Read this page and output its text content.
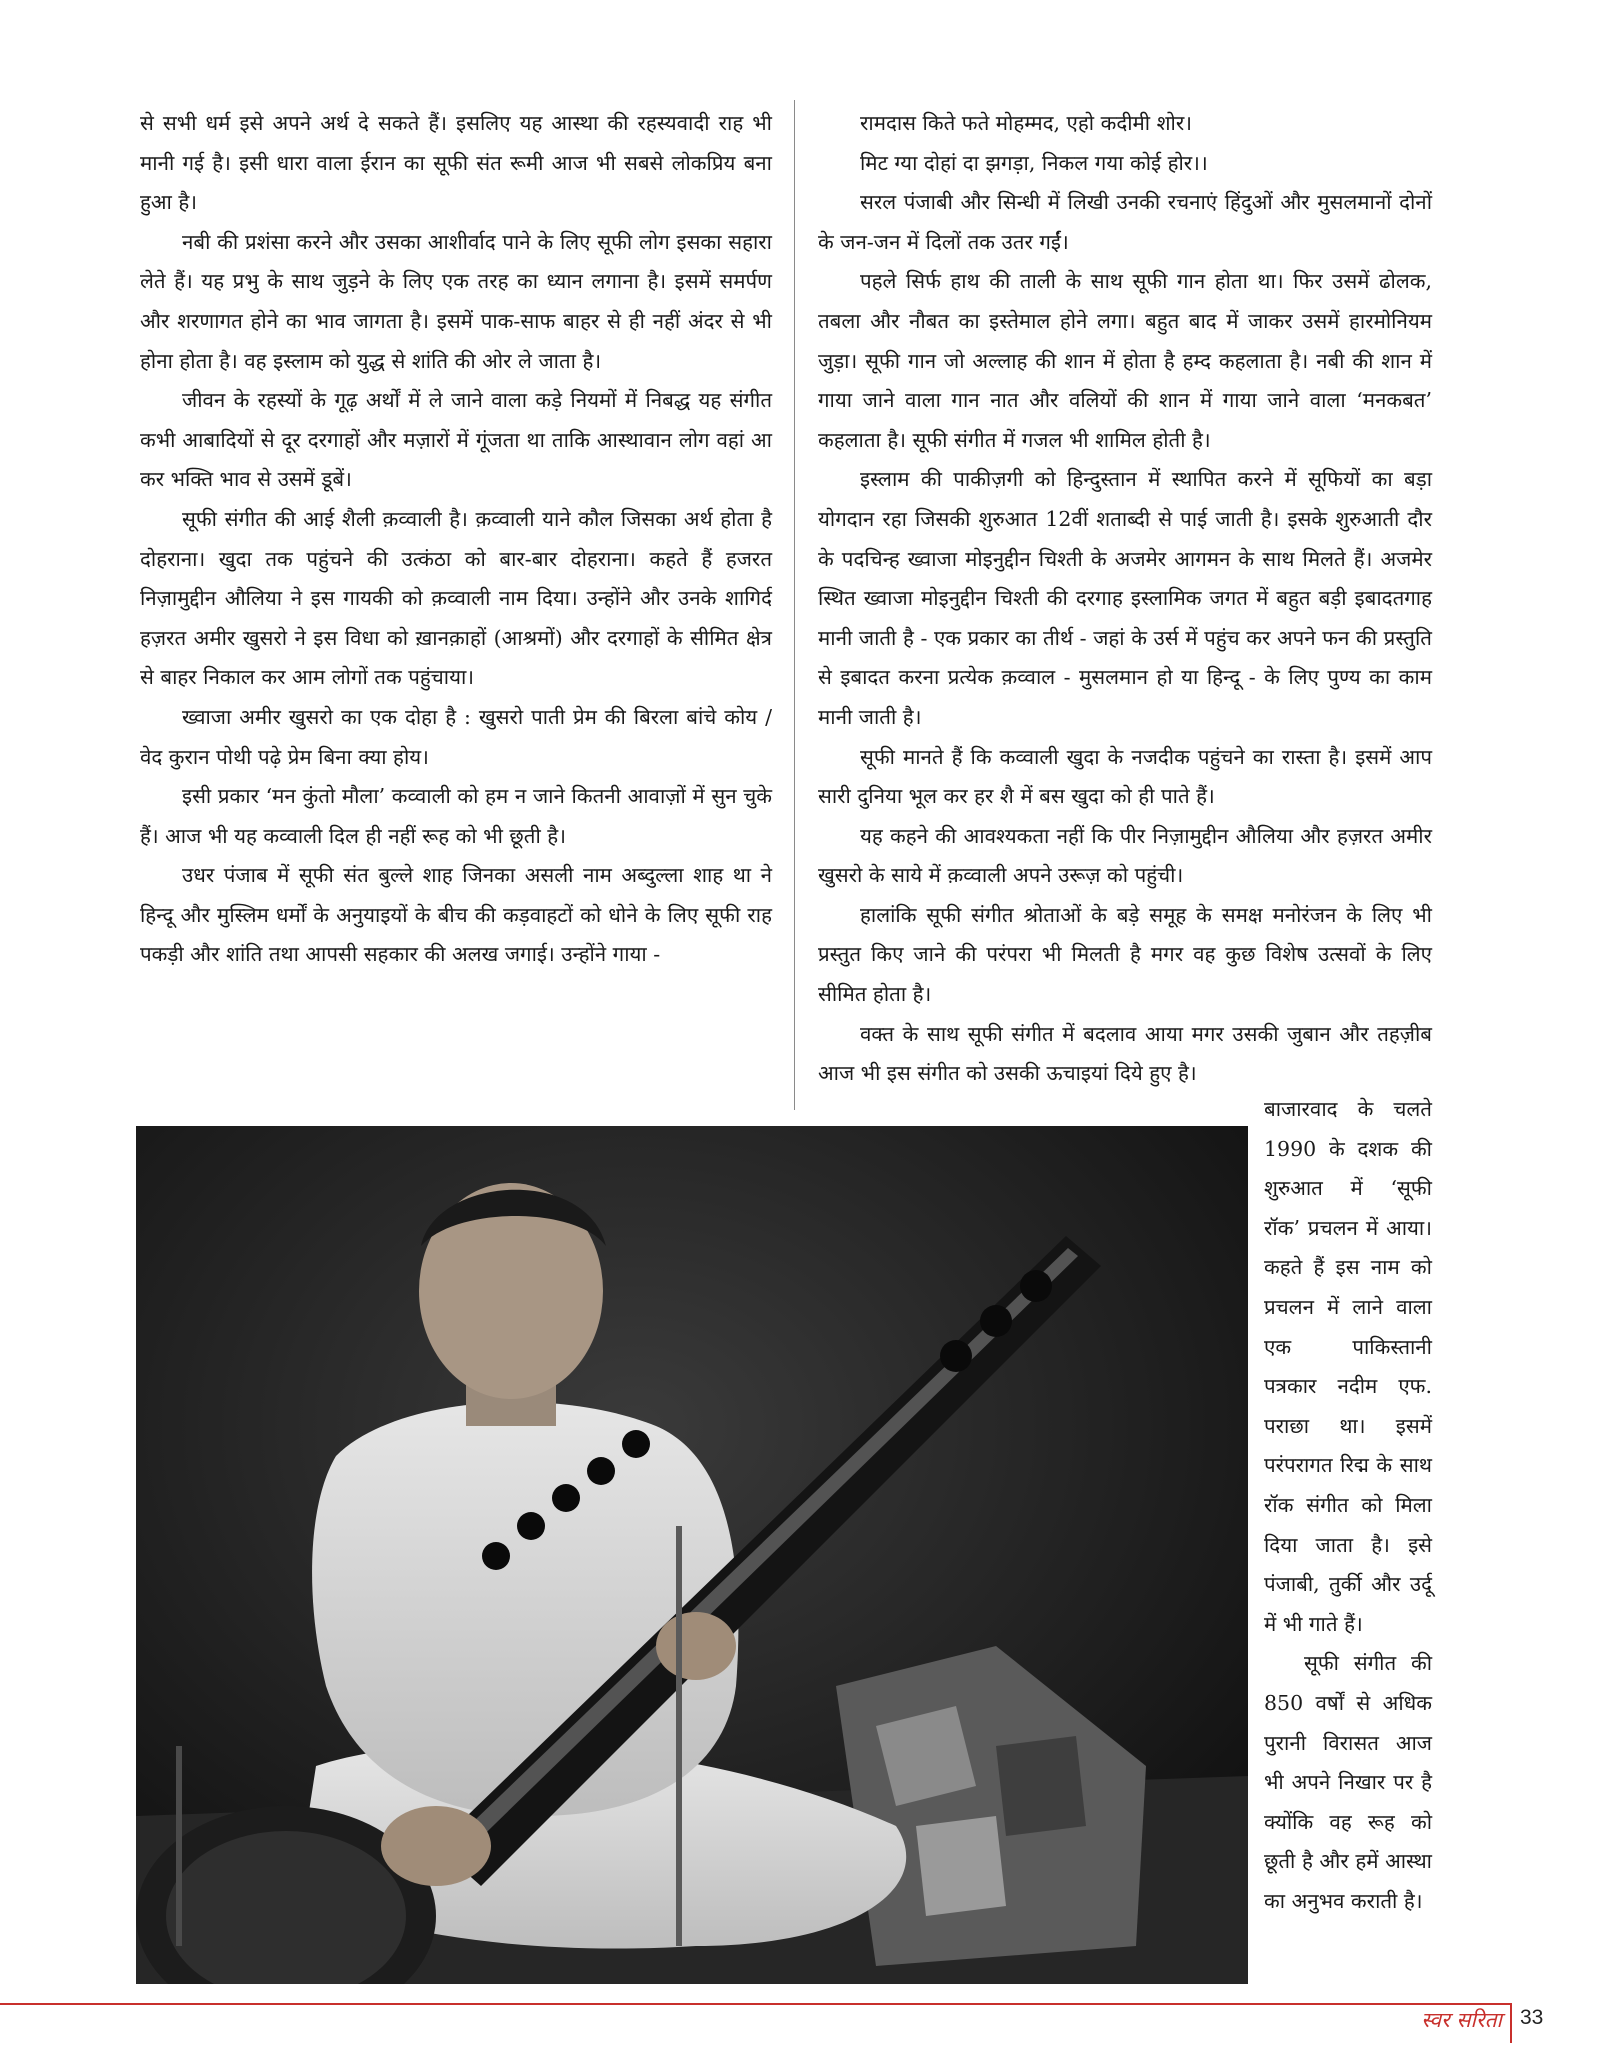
से सभी धर्म इसे अपने अर्थ दे सकते हैं। इसलिए यह आस्था की रहस्यवादी राह भी मानी गई है। इसी धारा वाला ईरान का सूफी संत रूमी आज भी सबसे लोकप्रिय बना हुआ है।

नबी की प्रशंसा करने और उसका आशीर्वाद पाने के लिए सूफी लोग इसका सहारा लेते हैं। यह प्रभु के साथ जुड़ने के लिए एक तरह का ध्यान लगाना है। इसमें समर्पण और शरणागत होने का भाव जागता है। इसमें पाक-साफ बाहर से ही नहीं अंदर से भी होना होता है। वह इस्लाम को युद्ध से शांति की ओर ले जाता है।

जीवन के रहस्यों के गूढ़ अर्थों में ले जाने वाला कड़े नियमों में निबद्ध यह संगीत कभी आबादियों से दूर दरगाहों और मज़ारों में गूंजता था ताकि आस्थावान लोग वहां आ कर भक्ति भाव से उसमें डूबें।

सूफी संगीत की आई शैली क़व्वाली है। क़व्वाली याने कौल जिसका अर्थ होता है दोहराना। खुदा तक पहुंचने की उत्कंठा को बार-बार दोहराना। कहते हैं हजरत निज़ामुद्दीन औलिया ने इस गायकी को क़व्वाली नाम दिया। उन्होंने और उनके शागिर्द हज़रत अमीर खुसरो ने इस विधा को ख़ानक़ाहों (आश्रमों) और दरगाहों के सीमित क्षेत्र से बाहर निकाल कर आम लोगों तक पहुंचाया।

ख्वाजा अमीर खुसरो का एक दोहा है : खुसरो पाती प्रेम की बिरला बांचे कोय / वेद कुरान पोथी पढ़े प्रेम बिना क्या होय।

इसी प्रकार ‘मन कुंतो मौला’ कव्वाली को हम न जाने कितनी आवाज़ों में सुन चुके हैं। आज भी यह कव्वाली दिल ही नहीं रूह को भी छूती है।

उधर पंजाब में सूफी संत बुल्ले शाह जिनका असली नाम अब्दुल्ला शाह था ने हिन्दू और मुस्लिम धर्मों के अनुयाइयों के बीच की कड़वाहटों को धोने के लिए सूफी राह पकड़ी और शांति तथा आपसी सहकार की अलख जगाई। उन्होंने गाया -

रामदास किते फते मोहम्मद, एहो कदीमी शोर।

मिट ग्या दोहां दा झगड़ा, निकल गया कोई होर।।

सरल पंजाबी और सिन्धी में लिखी उनकी रचनाएं हिंदुओं और मुसलमानों दोनों के जन-जन में दिलों तक उतर गईं।

पहले सिर्फ हाथ की ताली के साथ सूफी गान होता था। फिर उसमें ढोलक, तबला और नौबत का इस्तेमाल होने लगा। बहुत बाद में जाकर उसमें हारमोनियम जुड़ा। सूफी गान जो अल्लाह की शान में होता है हम्द कहलाता है। नबी की शान में गाया जाने वाला गान नात और वलियों की शान में गाया जाने वाला ‘मनकबत’ कहलाता है। सूफी संगीत में गजल भी शामिल होती है।

इस्लाम की पाकीज़गी को हिन्दुस्तान में स्थापित करने में सूफियों का बड़ा योगदान रहा जिसकी शुरुआत 12वीं शताब्दी से पाई जाती है। इसके शुरुआती दौर के पदचिन्ह ख्वाजा मोइनुद्दीन चिश्ती के अजमेर आगमन के साथ मिलते हैं। अजमेर स्थित ख्वाजा मोइनुद्दीन चिश्ती की दरगाह इस्लामिक जगत में बहुत बड़ी इबादतगाह मानी जाती है - एक प्रकार का तीर्थ - जहां के उर्स में पहुंच कर अपने फन की प्रस्तुति से इबादत करना प्रत्येक क़व्वाल - मुसलमान हो या हिन्दू - के लिए पुण्य का काम मानी जाती है।

सूफी मानते हैं कि कव्वाली खुदा के नजदीक पहुंचने का रास्ता है। इसमें आप सारी दुनिया भूल कर हर शै में बस खुदा को ही पाते हैं।

यह कहने की आवश्यकता नहीं कि पीर निज़ामुद्दीन औलिया और हज़रत अमीर खुसरो के साये में क़व्वाली अपने उरूज़ को पहुंची।

हालांकि सूफी संगीत श्रोताओं के बड़े समूह के समक्ष मनोरंजन के लिए भी प्रस्तुत किए जाने की परंपरा भी मिलती है मगर वह कुछ विशेष उत्सवों के लिए सीमित होता है।

वक्त के साथ सूफी संगीत में बदलाव आया मगर उसकी जुबान और तहज़ीब आज भी इस संगीत को उसकी ऊचाइयां दिये हुए है।

बाजारवाद के चलते 1990 के दशक की शुरुआत में ‘सूफी रॉक’ प्रचलन में आया। कहते हैं इस नाम को प्रचलन में लाने वाला एक पाकिस्तानी पत्रकार नदीम एफ. पराछा था। इसमें परंपरागत रिद्म के साथ रॉक संगीत को मिला दिया जाता है। इसे पंजाबी, तुर्की और उर्दू में भी गाते हैं।

सूफी संगीत की 850 वर्षों से अधिक पुरानी विरासत आज भी अपने निखार पर है क्योंकि वह रूह को छूती है और हमें आस्था का अनुभव कराती है।

स्वर सरिता 33
